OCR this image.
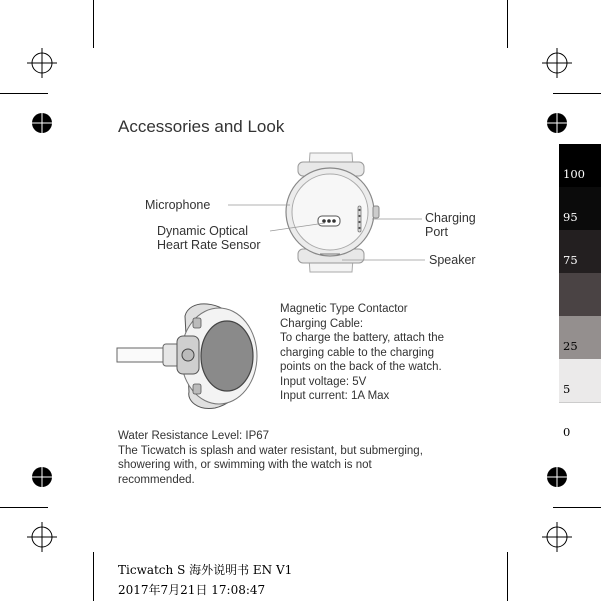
Accessories and Look
Microphone
Dynamic Optical
Heart Rate Sensor
Charging
Port
Speaker
Magnetic Type Contactor
Charging Cable:
To charge the battery, attach the
charging cable to the charging
points on the back of the watch.
Input voltage: 5V
Input current: 1A Max
Water Resistance Level: IP67
The Ticwatch is splash and water resistant, but submerging,
showering with, or swimming with the watch is not
recommended.
Ticwatch S 海外说明书 EN V1
2017年7月21日 17:08:47
100
95
75
25
5
0
